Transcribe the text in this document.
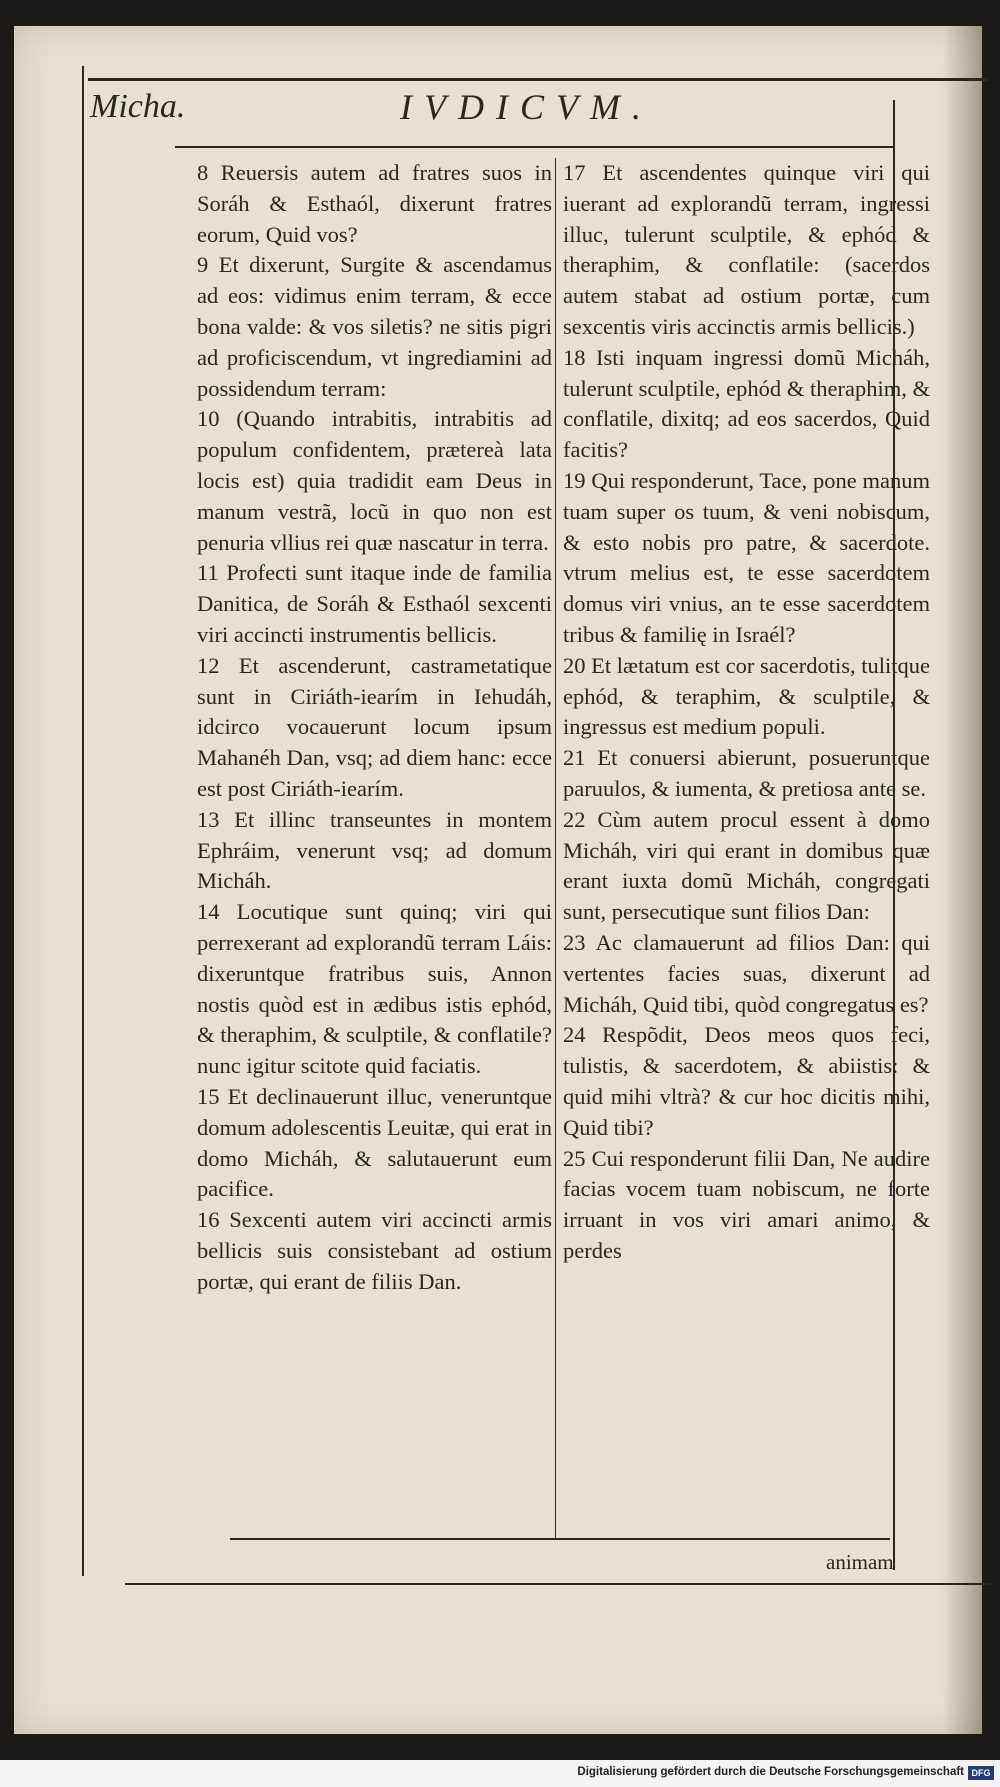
Micha.	IVDICVM.

8 Reuersis autem ad fratres suos in Soráh & Esthaól, dixerunt fratres eorum, Quid vos?

9 Et dixerunt, Surgite & ascendamus ad eos: vidimus enim terram, & ecce bona valde: & vos siletis? ne sitis pigri ad proficiscendum, vt ingrediamini ad possidendum terram:

10 (Quando intrabitis, intrabitis ad populum confidentem, prætereà lata locis est) quia tradidit eam Deus in manum vestrã, locũ in quo non est penuria vllius rei quæ nascatur in terra.

11 Profecti sunt itaque inde de familia Danitica, de Soráh & Esthaól sexcenti viri accincti instrumentis bellicis.

12 Et ascenderunt, castrametatique sunt in Ciriáth-iearím in Iehudáh, idcirco vocauerunt locum ipsum Mahanéh Dan, vsq; ad diem hanc: ecce est post Ciriáth-iearím.

13 Et illinc transeuntes in montem Ephráim, venerunt vsq; ad domum Micháh.

14 Locutique sunt quinq; viri qui perrexerant ad explorandũ terram Láis: dixeruntque fratribus suis, Annon nostis quòd est in ædibus istis ephód, & theraphim, & sculptile, & conflatile? nunc igitur scitote quid faciatis.

15 Et declinauerunt illuc, veneruntque domum adolescentis Leuitæ, qui erat in domo Micháh, & salutauerunt eum pacifice.

16 Sexcenti autem viri accincti armis bellicis suis consistebant ad ostium portæ, qui erant de filiis Dan.

17 Et ascendentes quinque viri qui iuerant ad explorandũ terram, ingressi illuc, tulerunt sculptile, & ephód & theraphim, & conflatile: (sacerdos autem stabat ad ostium portæ, cum sexcentis viris accinctis armis bellicis.)

18 Isti inquam ingressi domũ Micháh, tulerunt sculptile, ephód & theraphim, & conflatile, dixitq; ad eos sacerdos, Quid facitis?

19 Qui responderunt, Tace, pone manum tuam super os tuum, & veni nobiscum, & esto nobis pro patre, & sacerdote. vtrum melius est, te esse sacerdotem domus viri vnius, an te esse sacerdotem tribus & familię in Israél?

20 Et lætatum est cor sacerdotis, tulitque ephód, & teraphim, & sculptile, & ingressus est medium populi.

21 Et conuersi abierunt, posueruntque paruulos, & iumenta, & pretiosa ante se.

22 Cùm autem procul essent à domo Micháh, viri qui erant in domibus quæ erant iuxta domũ Micháh, congregati sunt, persecutique sunt filios Dan:

23 Ac clamauerunt ad filios Dan: qui vertentes facies suas, dixerunt ad Micháh, Quid tibi, quòd congregatus es?

24 Respõdit, Deos meos quos feci, tulistis, & sacerdotem, & abiistis: & quid mihi vltrà? & cur hoc dicitis mihi, Quid tibi?

25 Cui responderunt filii Dan, Ne audire facias vocem tuam nobiscum, ne forte irruant in vos viri amari animo, & perdes

animam
Digitalisierung gefördert durch die Deutsche Forschungsgemeinschaft DFG
